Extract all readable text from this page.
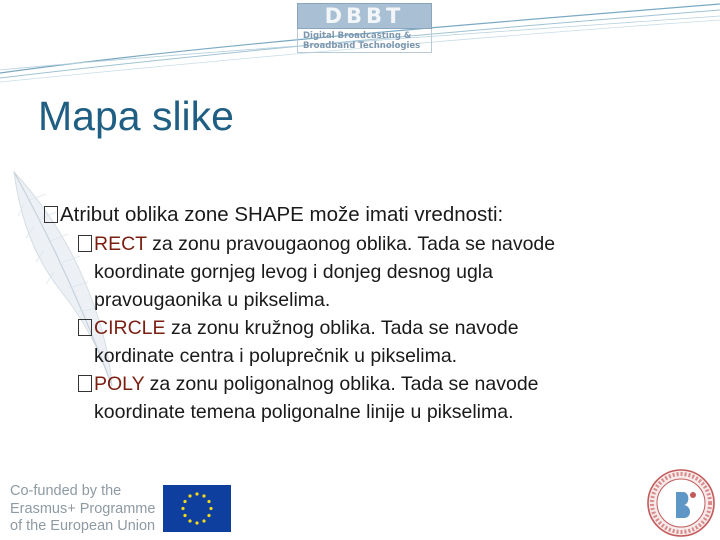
DBBT
Digital Broadcasting &
Broadband Technologies
Mapa slike
Atribut oblika zone SHAPE može imati vrednosti:
RECT za zonu pravougaonog oblika. Tada se navode
koordinate gornjeg levog i donjeg desnog ugla
pravougaonika u pikselima.
CIRCLE za zonu kružnog oblika. Tada se navode
kordinate centra i poluprečnik u pikselima.
POLY za zonu poligonalnog oblika. Tada se navode
koordinate temena poligonalne linije u pikselima.
Co-funded by the
Erasmus+ Programme
of the European Union
